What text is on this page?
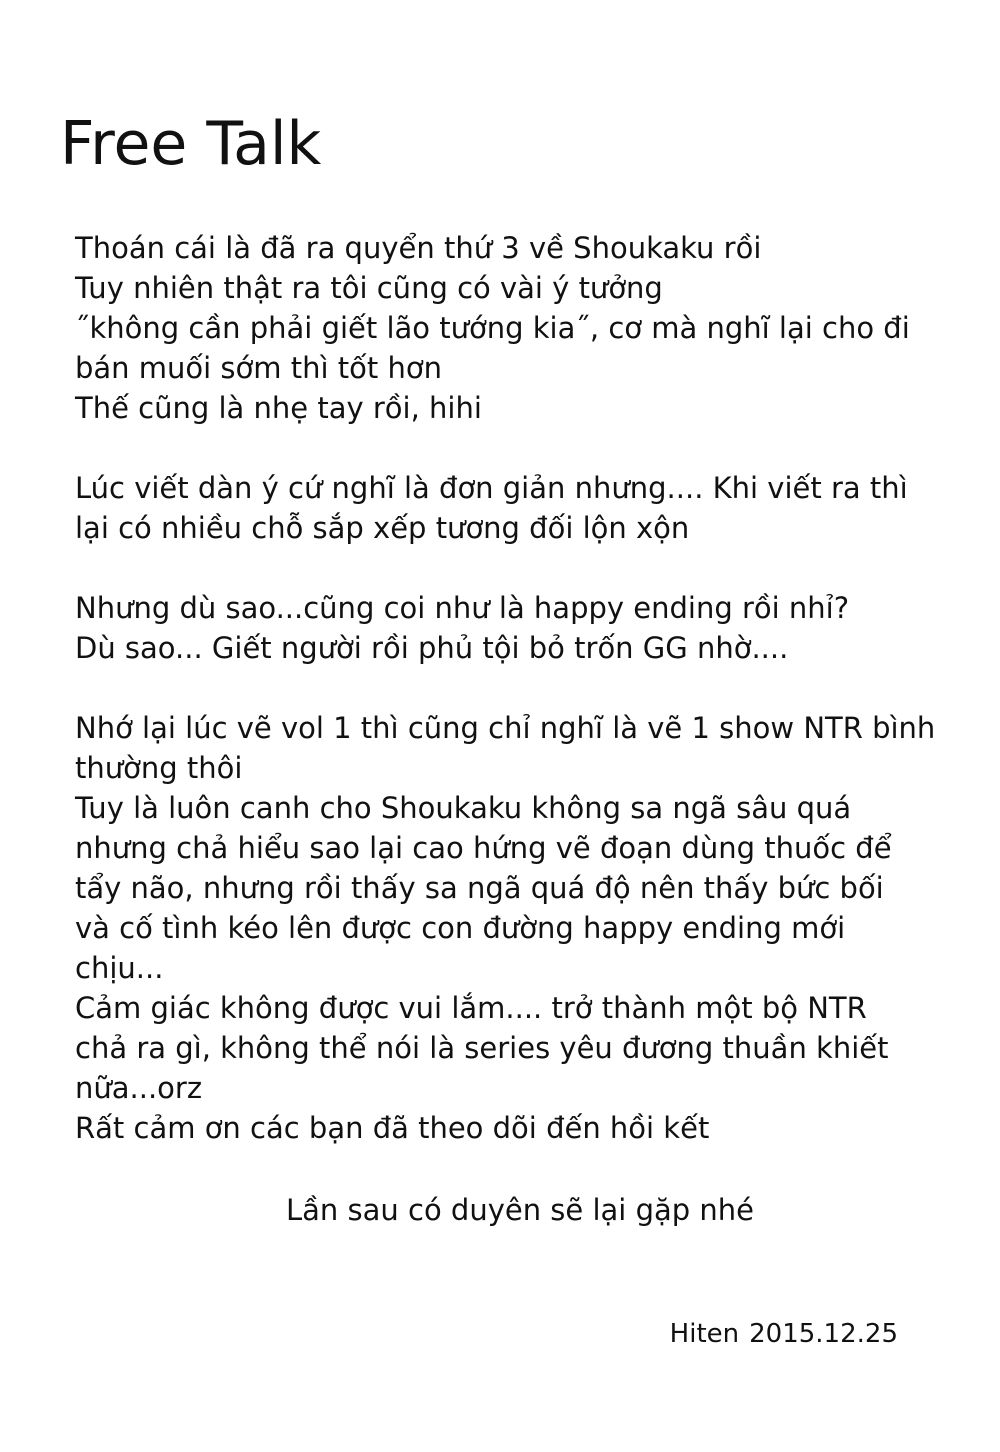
Free Talk

Thoán cái là đã ra quyển thứ 3 về Shoukaku rồi
Tuy nhiên thật ra tôi cũng có vài ý tưởng
˝không cần phải giết lão tướng kia˝, cơ mà nghĩ lại cho đi
bán muối sớm thì tốt hơn
Thế cũng là nhẹ tay rồi, hihi

Lúc viết dàn ý cứ nghĩ là đơn giản nhưng.... Khi viết ra thì
lại có nhiều chỗ sắp xếp tương đối lộn xộn

Nhưng dù sao...cũng coi như là happy ending rồi nhỉ?
Dù sao... Giết người rồi phủ tội bỏ trốn GG nhờ....

Nhớ lại lúc vẽ vol 1 thì cũng chỉ nghĩ là vẽ 1 show NTR bình
thường thôi
Tuy là luôn canh cho Shoukaku không sa ngã sâu quá
nhưng chả hiểu sao lại cao hứng vẽ đoạn dùng thuốc để
tẩy não, nhưng rồi thấy sa ngã quá độ nên thấy bức bối
và cố tình kéo lên được con đường happy ending mới
chịu...
Cảm giác không được vui lắm.... trở thành một bộ NTR
chả ra gì, không thể nói là series yêu đương thuần khiết
nữa...orz
Rất cảm ơn các bạn đã theo dõi đến hồi kết

Lần sau có duyên sẽ lại gặp nhé
Hiten 2015.12.25
